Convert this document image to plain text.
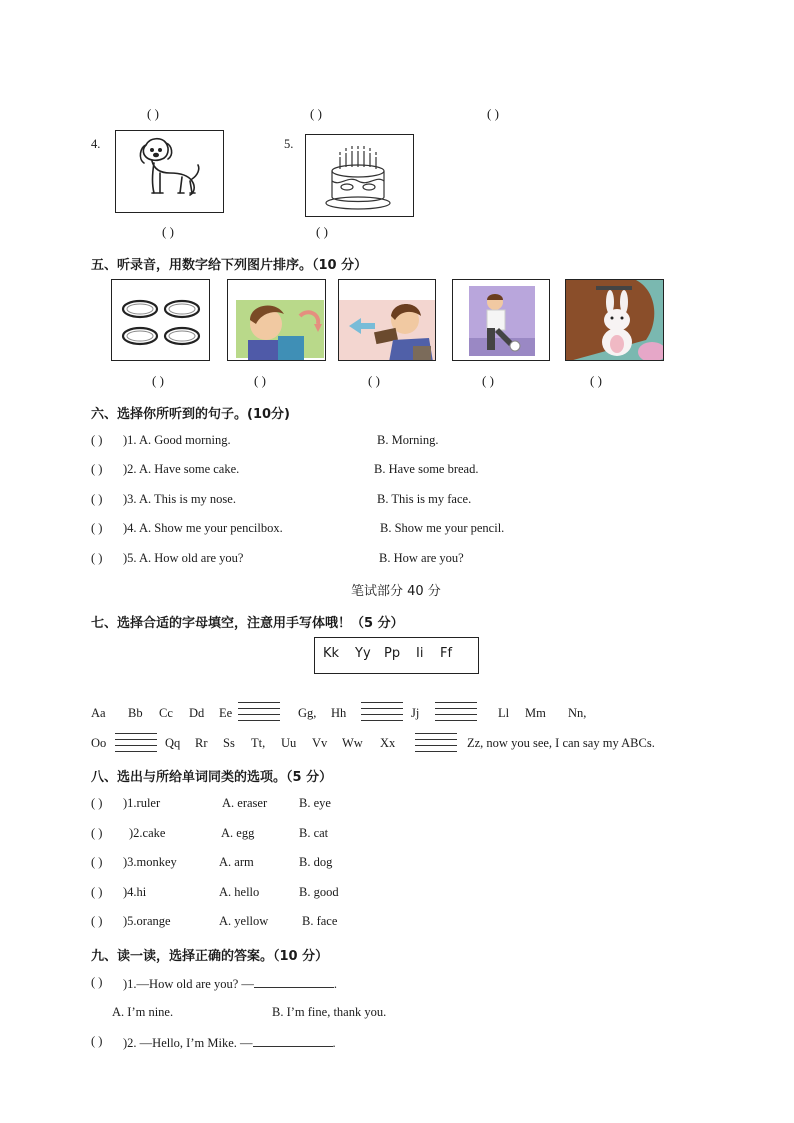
( )	( )	( )
4.
( )
5.
( )
五、听录音，用数字给下列图片排序。（10 分）
( )	( )	( )	( )	( )
六、选择你所听到的句子。(10分)
( ) )1. A. Good morning.	B. Morning.
( ) )2. A. Have some cake.	B. Have some bread.
( ) )3. A. This is my nose.	B. This is my face.
( ) )4. A. Show me your pencilbox.	B. Show me your pencil.
( ) )5. A. How old are you?	B. How are you?
笔试部分 40 分
七、选择合适的字母填空，注意用手写体哦！（5 分）
Kk Yy Pp Ii Ff
Aa Bb Cc Dd Ee	Gg, Hh	Jj	Ll Mm Nn,
Oo	Qq Rr Ss Tt, Uu Vv Ww Xx	Zz, now you see, I can say my ABCs.
八、选出与所给单词同类的选项。（5 分）
( ) )1.ruler	A. eraser	B. eye
( ) )2.cake	A. egg	B. cat
( ) )3.monkey	A. arm	B. dog
( ) )4.hi	A. hello	B. good
( ) )5.orange	A. yellow	B. face
九、读一读，选择正确的答案。（10 分）
( ) )1.—How old are you? —	.
A. I’m nine.	B. I’m fine, thank you.
( ) )2. —Hello, I’m Mike. —	.
